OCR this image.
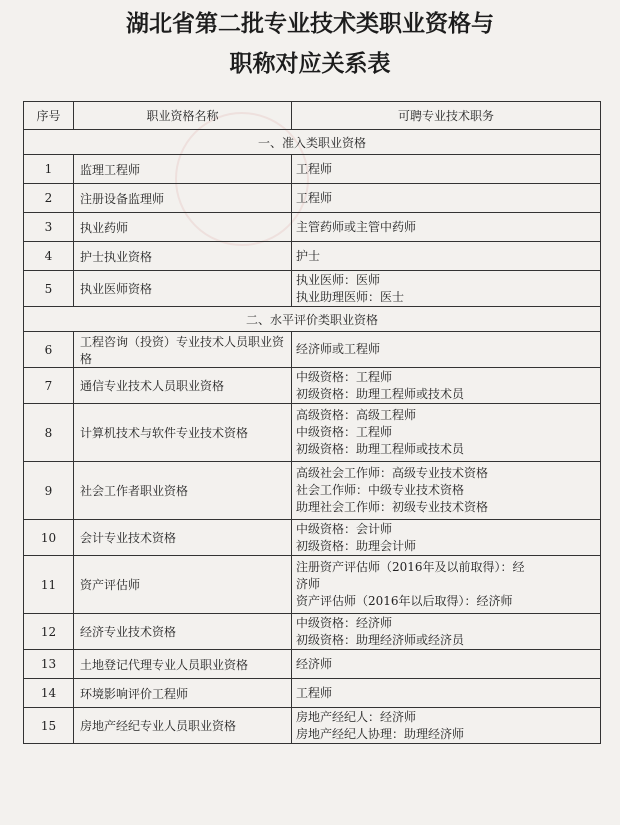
湖北省第二批专业技术类职业资格与
职称对应关系表
序号	职业资格名称	可聘专业技术职务
一、准入类职业资格		
1	监理工程师	工程师

2	注册设备监理师	工程师

3	执业药师	主管药师或主管中药师

4	护士执业资格	护士

5	执业医师资格	执业医师：医师
执业助理医师：医士

二、水平评价类职业资格		
6	工程咨询（投资）专业技术人员职业资格	经济师或工程师

7	通信专业技术人员职业资格	中级资格：工程师
初级资格：助理工程师或技术员

8	计算机技术与软件专业技术资格	高级资格：高级工程师
中级资格：工程师
初级资格：助理工程师或技术员

9	社会工作者职业资格	高级社会工作师：高级专业技术资格
社会工作师：中级专业技术资格
助理社会工作师：初级专业技术资格

10	会计专业技术资格	中级资格：会计师
初级资格：助理会计师

11	资产评估师	注册资产评估师（2016年及以前取得）：经
济师
资产评估师（2016年以后取得）：经济师

12	经济专业技术资格	中级资格：经济师
初级资格：助理经济师或经济员

13	土地登记代理专业人员职业资格	经济师

14	环境影响评价工程师	工程师

15	房地产经纪专业人员职业资格	房地产经纪人：经济师
房地产经纪人协理：助理经济师
